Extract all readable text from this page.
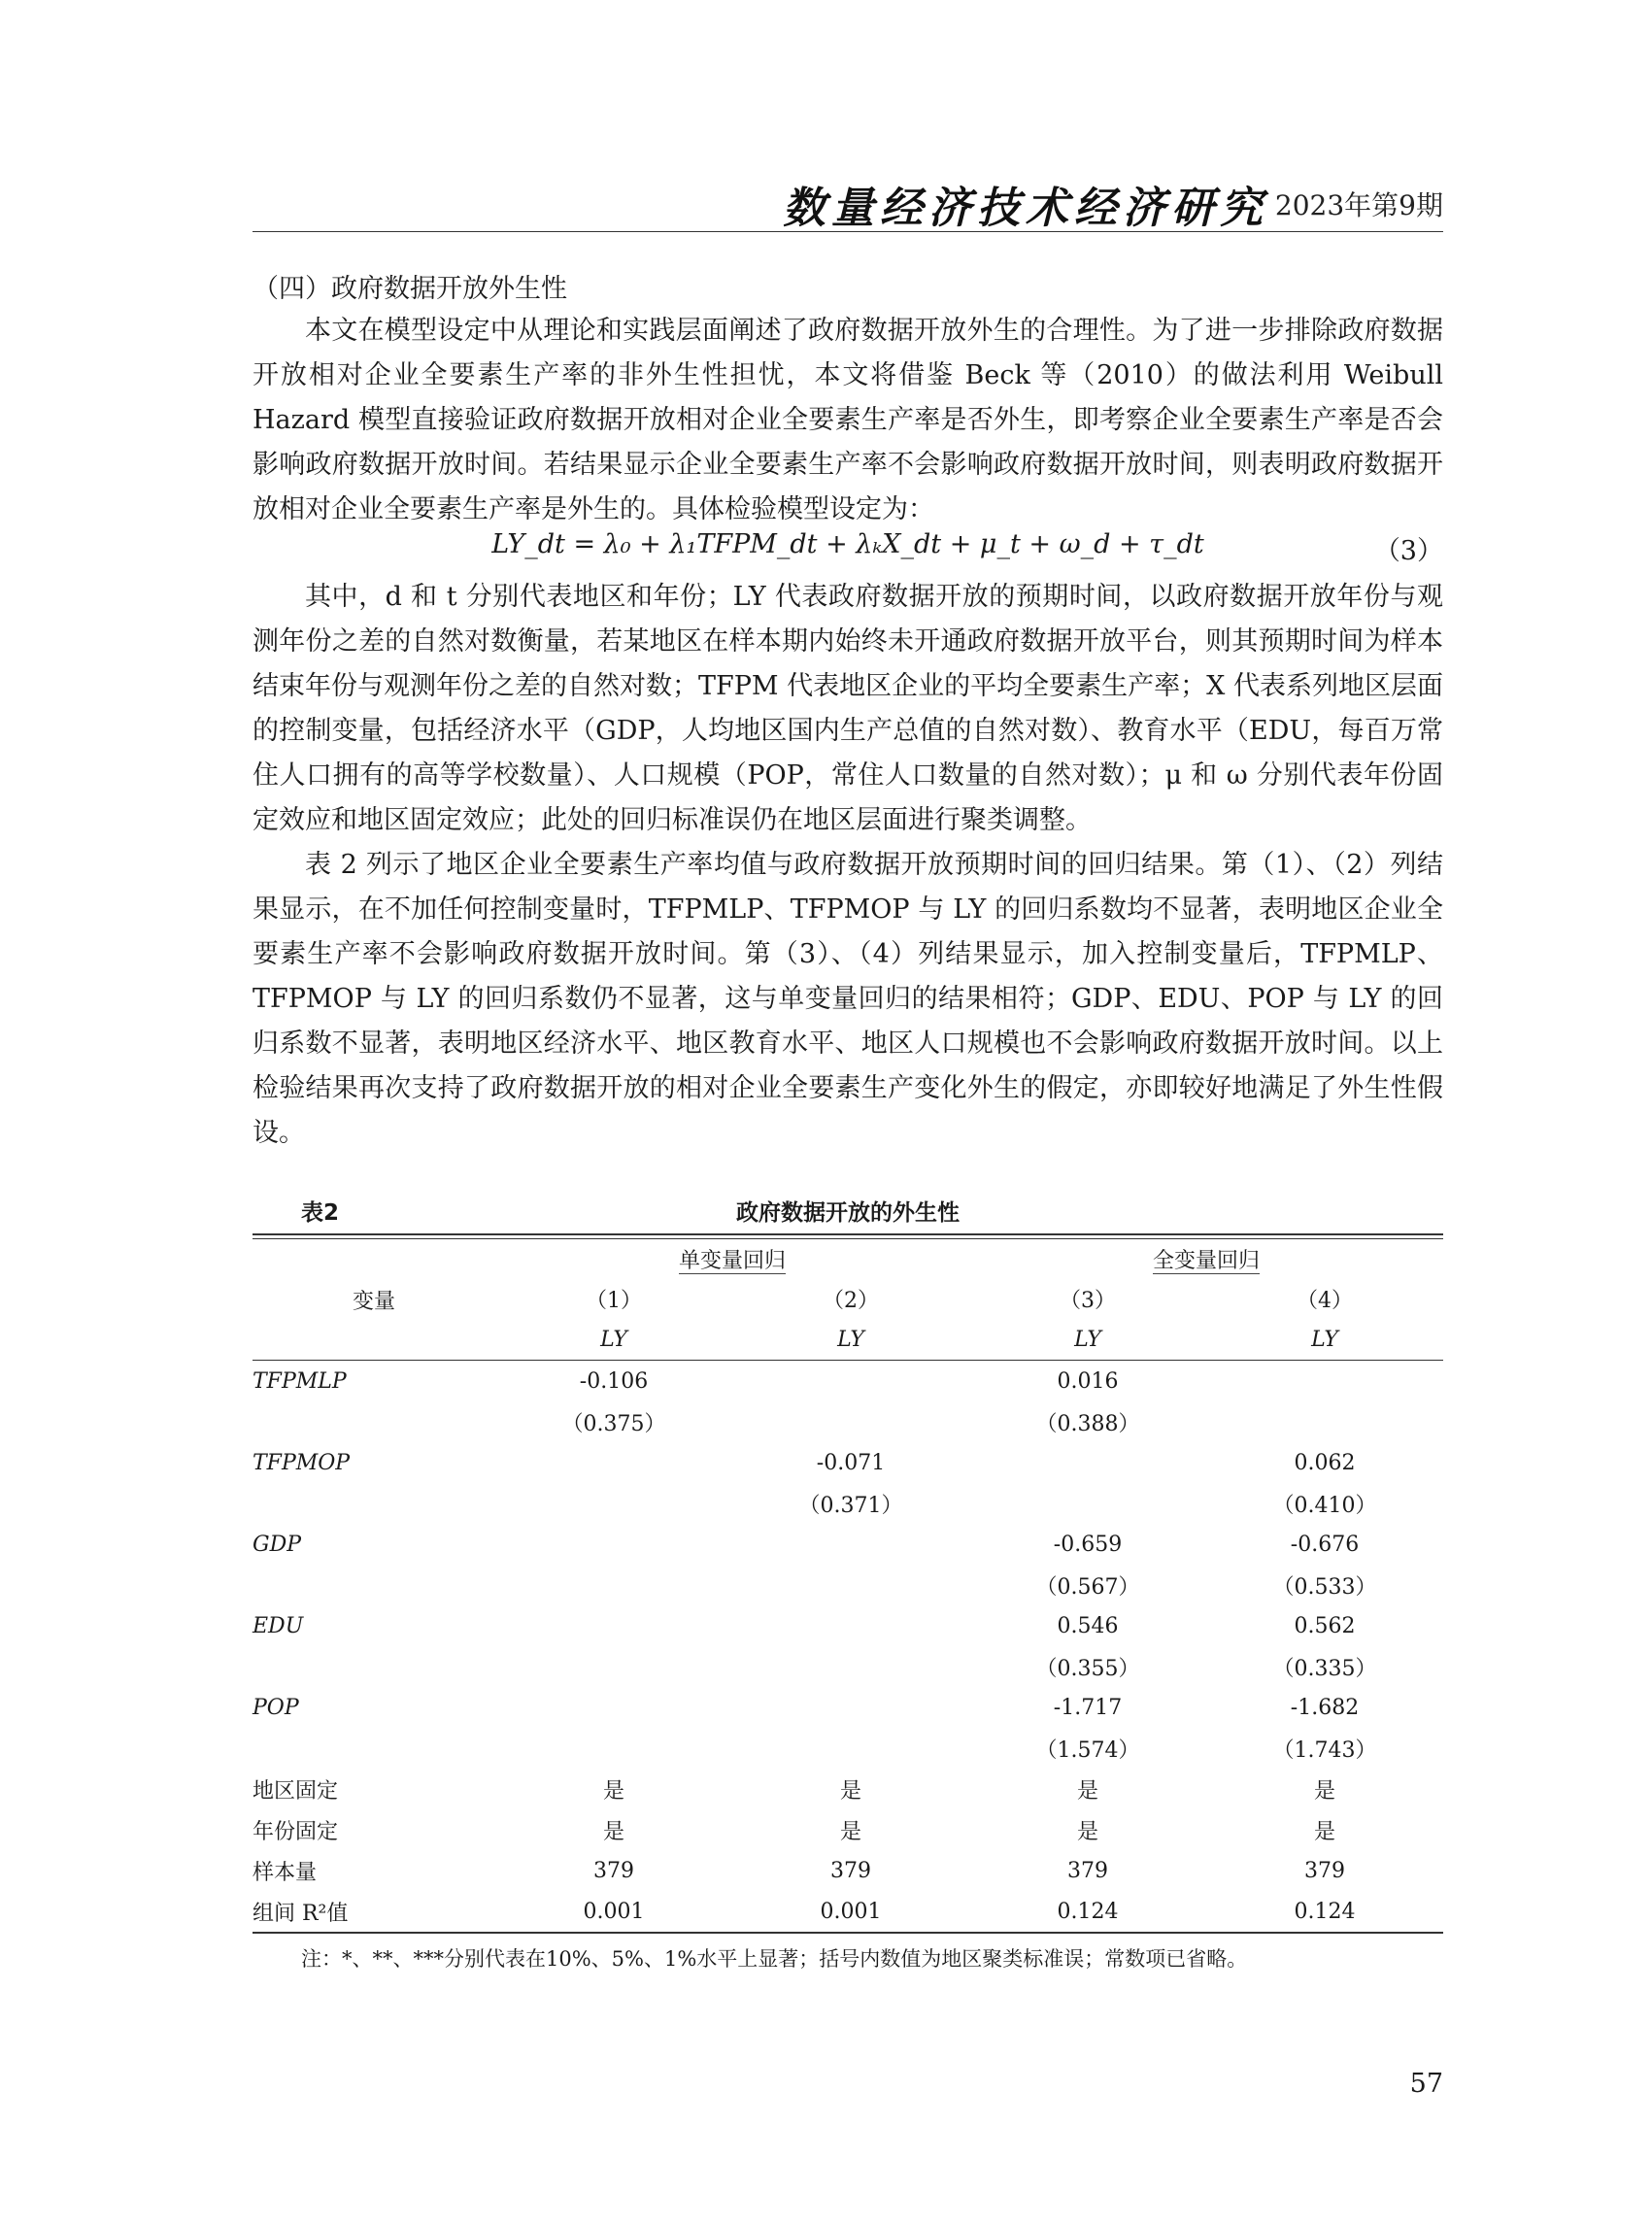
数量经济技术经济研究 2023年第9期
（四）政府数据开放外生性

本文在模型设定中从理论和实践层面阐述了政府数据开放外生的合理性。为了进一步排除政府数据开放相对企业全要素生产率的非外生性担忧，本文将借鉴 Beck 等（2010）的做法利用 Weibull Hazard 模型直接验证政府数据开放相对企业全要素生产率是否外生，即考察企业全要素生产率是否会影响政府数据开放时间。若结果显示企业全要素生产率不会影响政府数据开放时间，则表明政府数据开放相对企业全要素生产率是外生的。具体检验模型设定为：

LY_dt = λ₀ + λ₁TFPM_dt + λₖX_dt + μ_t + ω_d + τ_dt	（3）

其中，d 和 t 分别代表地区和年份；LY 代表政府数据开放的预期时间，以政府数据开放年份与观测年份之差的自然对数衡量，若某地区在样本期内始终未开通政府数据开放平台，则其预期时间为样本结束年份与观测年份之差的自然对数；TFPM 代表地区企业的平均全要素生产率；X 代表系列地区层面的控制变量，包括经济水平（GDP，人均地区国内生产总值的自然对数）、教育水平（EDU，每百万常住人口拥有的高等学校数量）、人口规模（POP，常住人口数量的自然对数）；μ 和 ω 分别代表年份固定效应和地区固定效应；此处的回归标准误仍在地区层面进行聚类调整。

表 2 列示了地区企业全要素生产率均值与政府数据开放预期时间的回归结果。第（1）、（2）列结果显示，在不加任何控制变量时，TFPMLP、TFPMOP 与 LY 的回归系数均不显著，表明地区企业全要素生产率不会影响政府数据开放时间。第（3）、（4）列结果显示，加入控制变量后，TFPMLP、TFPMOP 与 LY 的回归系数仍不显著，这与单变量回归的结果相符；GDP、EDU、POP 与 LY 的回归系数不显著，表明地区经济水平、地区教育水平、地区人口规模也不会影响政府数据开放时间。以上检验结果再次支持了政府数据开放的相对企业全要素生产变化外生的假定，亦即较好地满足了外生性假设。

表2	政府数据开放的外生性
变量	单变量回归		全变量回归	
	（1）	（2）	（3）	（4）
	LY	LY	LY	LY
TFPMLP	-0.106		0.016	
	（0.375）		（0.388）	
TFPMOP		-0.071		0.062
		（0.371）		（0.410）
GDP			-0.659	-0.676
			（0.567）	（0.533）
EDU			0.546	0.562
			（0.355）	（0.335）
POP			-1.717	-1.682
			（1.574）	（1.743）
地区固定	是	是	是	是
年份固定	是	是	是	是
样本量	379	379	379	379
组间 R²值	0.001	0.001	0.124	0.124
注：*、**、***分别代表在10%、5%、1%水平上显著；括号内数值为地区聚类标准误；常数项已省略。
57
